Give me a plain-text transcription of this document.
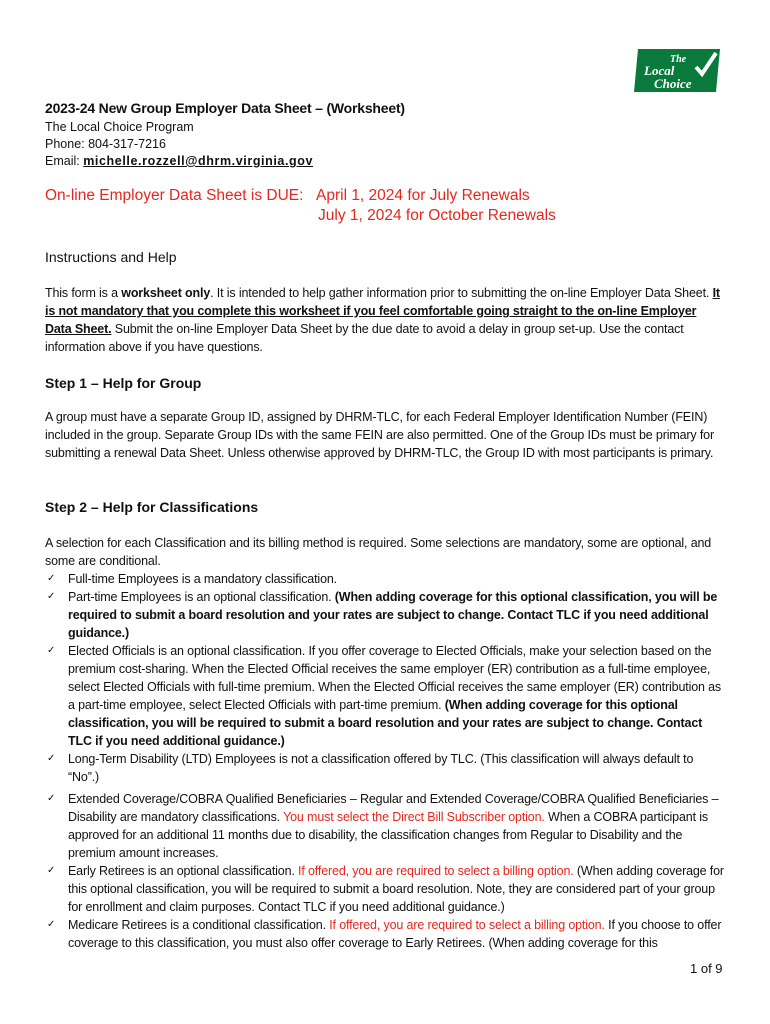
The
Local
Choice
2023-24 New Group Employer Data Sheet – (Worksheet)
The Local Choice Program
Phone: 804-317-7216
Email: michelle.rozzell@dhrm.virginia.gov
On-line Employer Data Sheet is DUE: April 1, 2024 for July Renewals
July 1, 2024 for October Renewals
Instructions and Help
This form is a worksheet only. It is intended to help gather information prior to submitting the on-line Employer Data Sheet. It is not mandatory that you complete this worksheet if you feel comfortable going straight to the on-line Employer Data Sheet. Submit the on-line Employer Data Sheet by the due date to avoid a delay in group set-up. Use the contact information above if you have questions.
Step 1 – Help for Group
A group must have a separate Group ID, assigned by DHRM-TLC, for each Federal Employer Identification Number (FEIN) included in the group. Separate Group IDs with the same FEIN are also permitted. One of the Group IDs must be primary for submitting a renewal Data Sheet. Unless otherwise approved by DHRM-TLC, the Group ID with most participants is primary.
Step 2 – Help for Classifications
A selection for each Classification and its billing method is required. Some selections are mandatory, some are optional, and some are conditional.
✓ Full-time Employees is a mandatory classification.
✓ Part-time Employees is an optional classification. (When adding coverage for this optional classification, you will be required to submit a board resolution and your rates are subject to change. Contact TLC if you need additional guidance.)
✓ Elected Officials is an optional classification. If you offer coverage to Elected Officials, make your selection based on the premium cost-sharing. When the Elected Official receives the same employer (ER) contribution as a full-time employee, select Elected Officials with full-time premium. When the Elected Official receives the same employer (ER) contribution as a part-time employee, select Elected Officials with part-time premium. (When adding coverage for this optional classification, you will be required to submit a board resolution and your rates are subject to change. Contact TLC if you need additional guidance.)
✓ Long-Term Disability (LTD) Employees is not a classification offered by TLC. (This classification will always default to “No”.)
✓ Extended Coverage/COBRA Qualified Beneficiaries – Regular and Extended Coverage/COBRA Qualified Beneficiaries – Disability are mandatory classifications. You must select the Direct Bill Subscriber option. When a COBRA participant is approved for an additional 11 months due to disability, the classification changes from Regular to Disability and the premium amount increases.
✓ Early Retirees is an optional classification. If offered, you are required to select a billing option. (When adding coverage for this optional classification, you will be required to submit a board resolution. Note, they are considered part of your group for enrollment and claim purposes. Contact TLC if you need additional guidance.)
✓ Medicare Retirees is a conditional classification. If offered, you are required to select a billing option. If you choose to offer coverage to this classification, you must also offer coverage to Early Retirees. (When adding coverage for this
1 of 9
